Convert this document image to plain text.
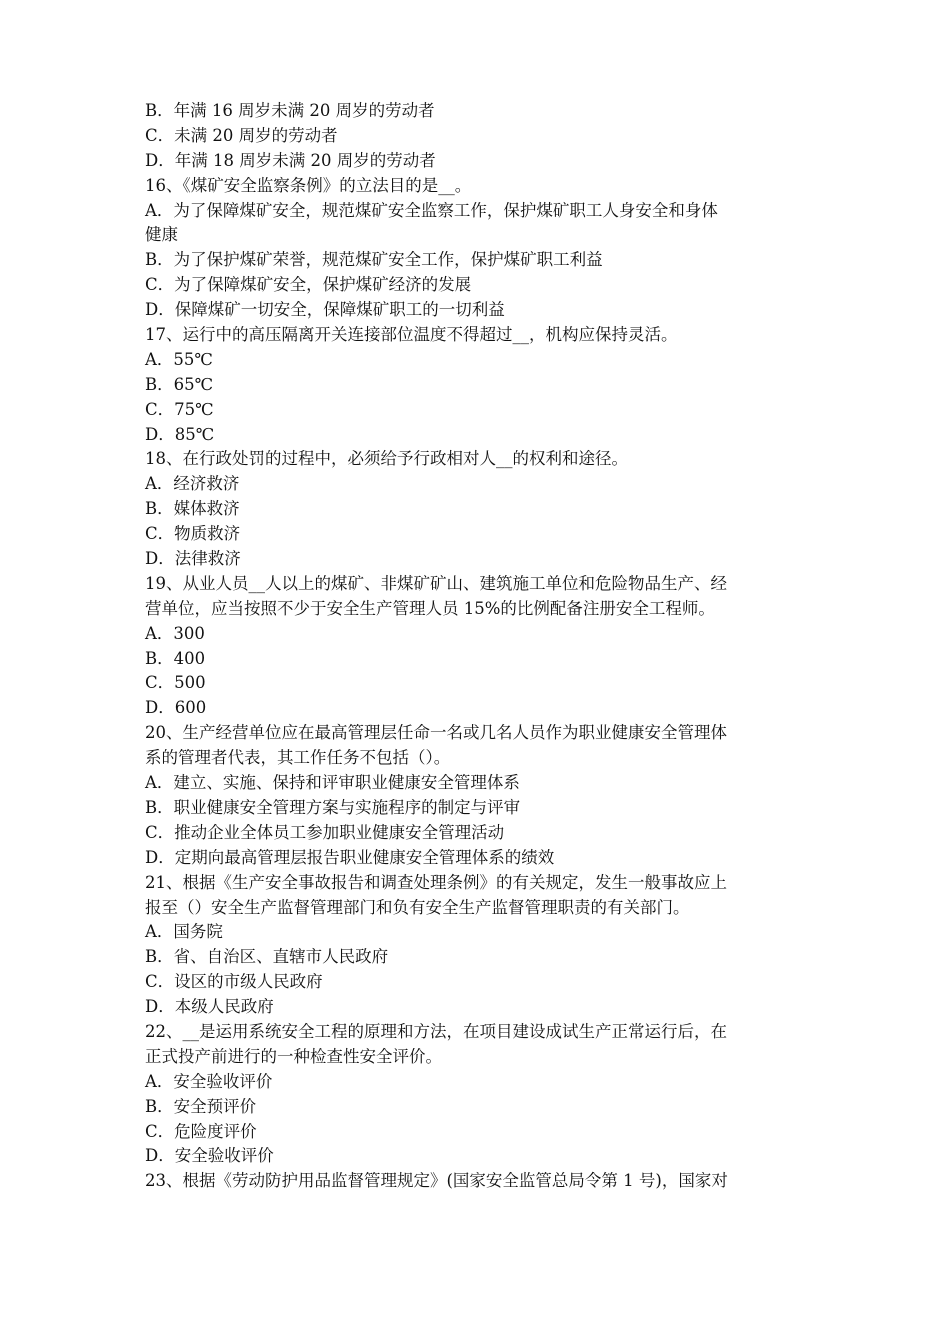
B．年满 16 周岁未满 20 周岁的劳动者
C．未满 20 周岁的劳动者
D．年满 18 周岁未满 20 周岁的劳动者
16、《煤矿安全监察条例》的立法目的是__。
A．为了保障煤矿安全，规范煤矿安全监察工作，保护煤矿职工人身安全和身体
健康
B．为了保护煤矿荣誉，规范煤矿安全工作，保护煤矿职工利益
C．为了保障煤矿安全，保护煤矿经济的发展
D．保障煤矿一切安全，保障煤矿职工的一切利益
17、运行中的高压隔离开关连接部位温度不得超过__，机构应保持灵活。
A．55℃
B．65℃
C．75℃
D．85℃
18、在行政处罚的过程中，必须给予行政相对人__的权利和途径。
A．经济救济
B．媒体救济
C．物质救济
D．法律救济
19、从业人员__人以上的煤矿、非煤矿矿山、建筑施工单位和危险物品生产、经
营单位，应当按照不少于安全生产管理人员 15%的比例配备注册安全工程师。
A．300
B．400
C．500
D．600
20、生产经营单位应在最高管理层任命一名或几名人员作为职业健康安全管理体
系的管理者代表，其工作任务不包括（）。
A．建立、实施、保持和评审职业健康安全管理体系
B．职业健康安全管理方案与实施程序的制定与评审
C．推动企业全体员工参加职业健康安全管理活动
D．定期向最高管理层报告职业健康安全管理体系的绩效
21、根据《生产安全事故报告和调查处理条例》的有关规定，发生一般事故应上
报至（）安全生产监督管理部门和负有安全生产监督管理职责的有关部门。
A．国务院
B．省、自治区、直辖市人民政府
C．设区的市级人民政府
D．本级人民政府
22、__是运用系统安全工程的原理和方法，在项目建设成试生产正常运行后，在
正式投产前进行的一种检查性安全评价。
A．安全验收评价
B．安全预评价
C．危险度评价
D．安全验收评价
23、根据《劳动防护用品监督管理规定》(国家安全监管总局令第 1 号)，国家对
